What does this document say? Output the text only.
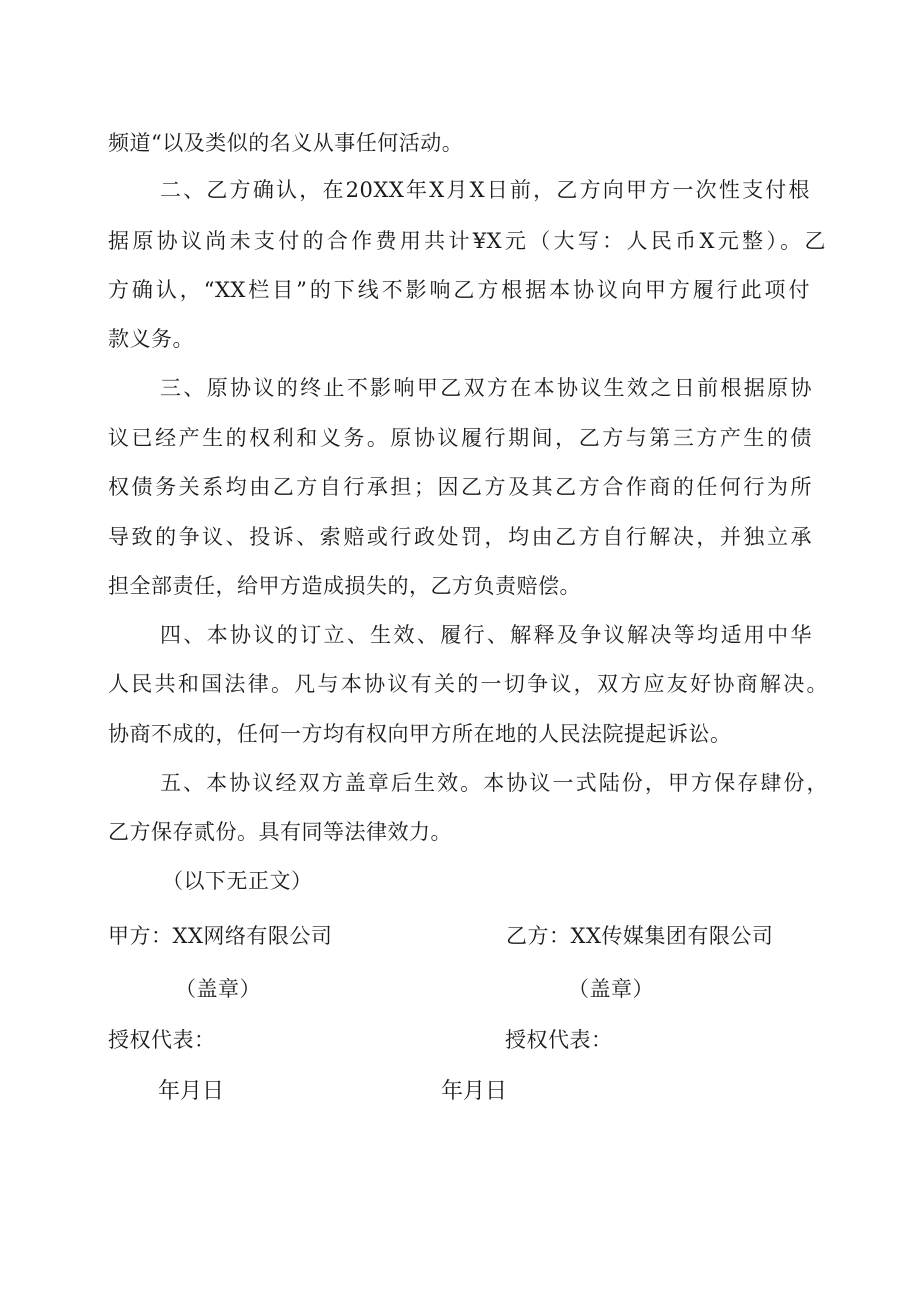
频道“以及类似的名义从事任何活动。
二、乙方确认，在20XX年X月X日前，乙方向甲方一次性支付根
据原协议尚未支付的合作费用共计¥X元（大写：人民币X元整）。乙
方确认，“XX栏目”的下线不影响乙方根据本协议向甲方履行此项付
款义务。
三、原协议的终止不影响甲乙双方在本协议生效之日前根据原协
议已经产生的权利和义务。原协议履行期间，乙方与第三方产生的债
权债务关系均由乙方自行承担；因乙方及其乙方合作商的任何行为所
导致的争议、投诉、索赔或行政处罚，均由乙方自行解决，并独立承
担全部责任，给甲方造成损失的，乙方负责赔偿。
四、本协议的订立、生效、履行、解释及争议解决等均适用中华
人民共和国法律。凡与本协议有关的一切争议，双方应友好协商解决。
协商不成的，任何一方均有权向甲方所在地的人民法院提起诉讼。
五、本协议经双方盖章后生效。本协议一式陆份，甲方保存肆份，
乙方保存贰份。具有同等法律效力。
（以下无正文）
甲方：XX网络有限公司
（盖章）
授权代表：
年月日
乙方：XX传媒集团有限公司
（盖章）
授权代表：
年月日
